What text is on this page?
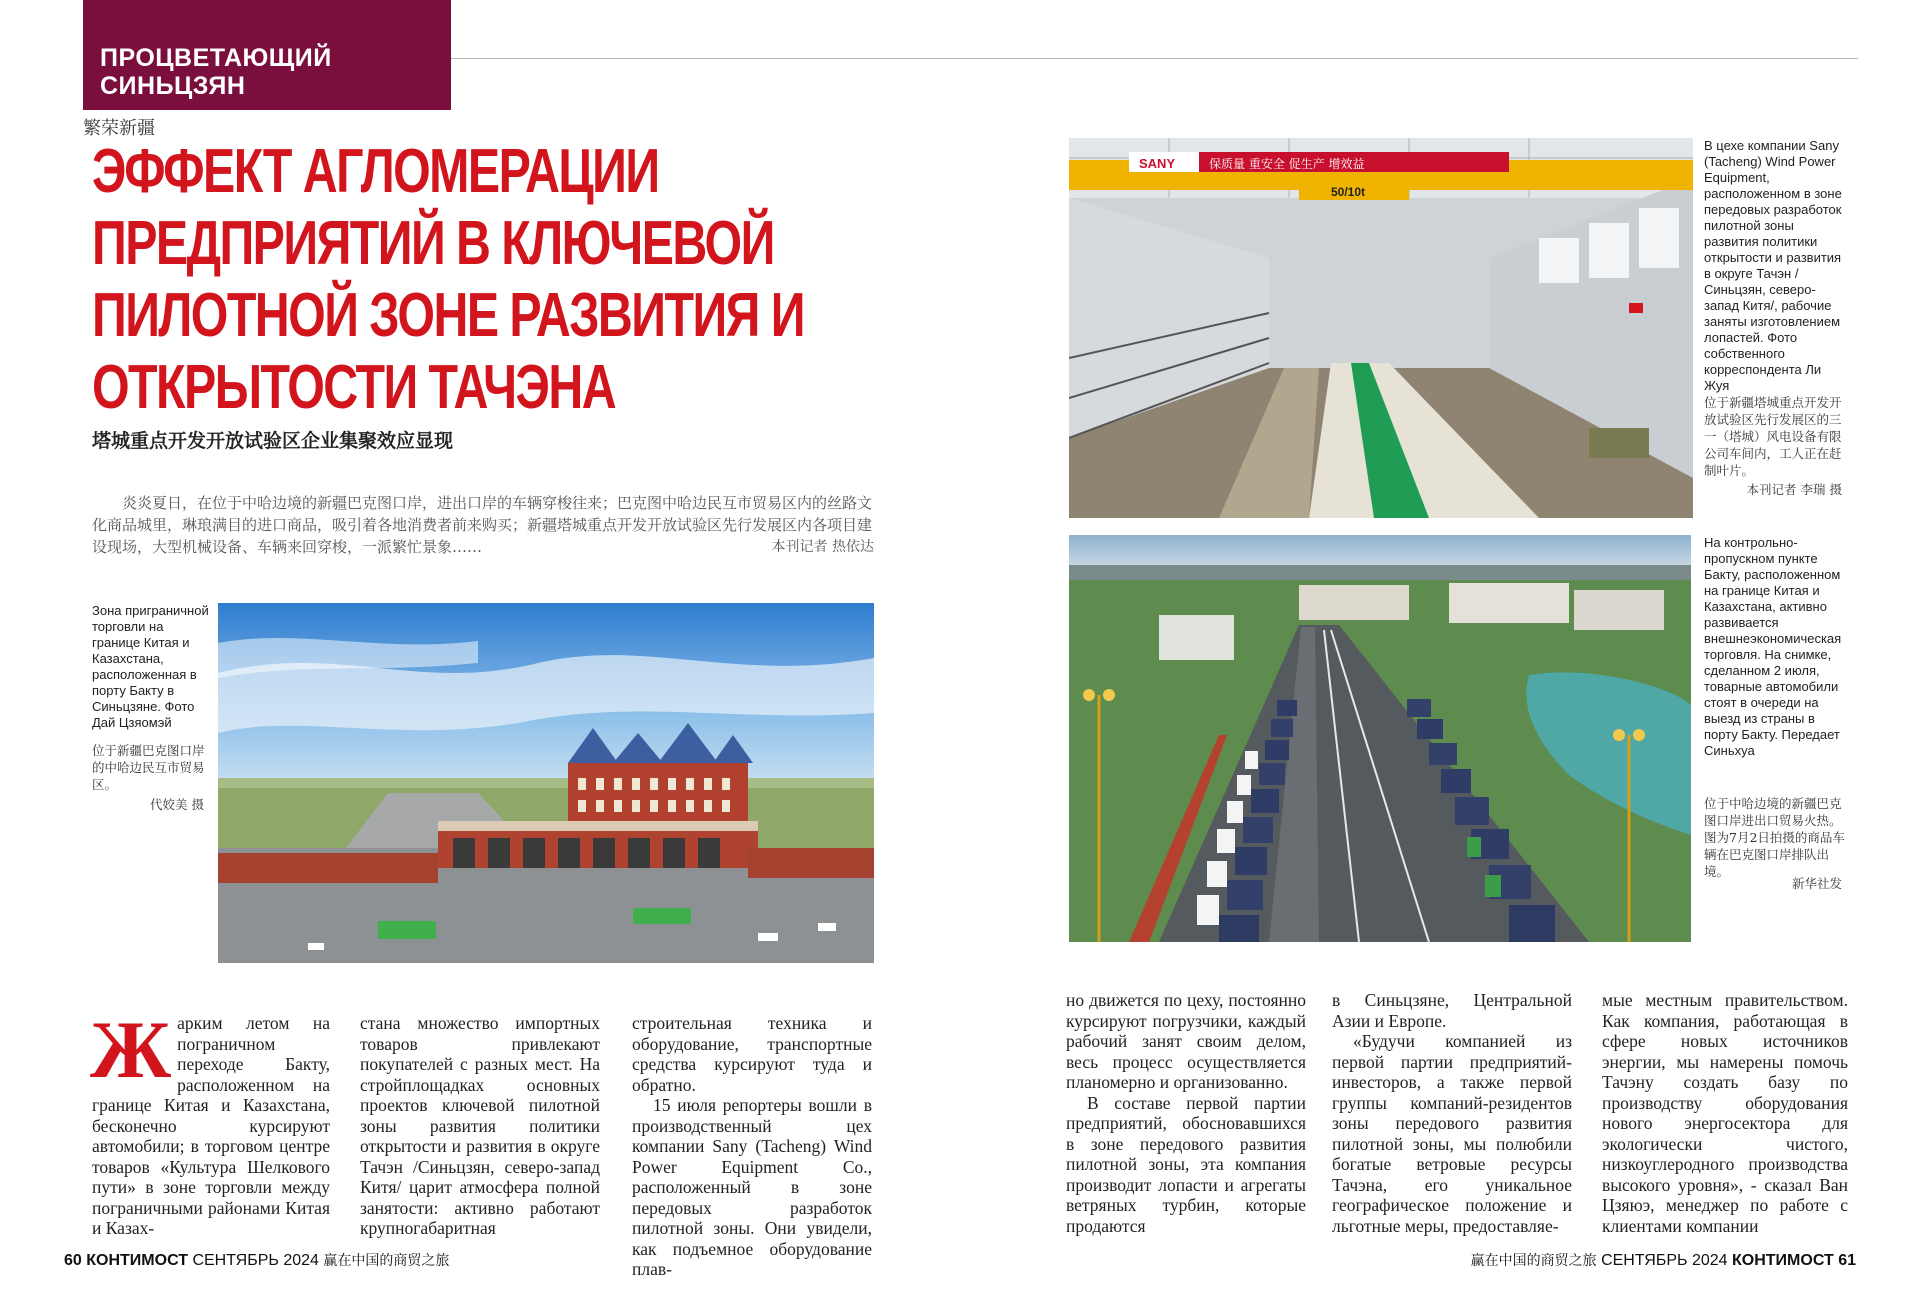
ПРОЦВЕТАЮЩИЙ
СИНЬЦЗЯН
繁荣新疆
ЭФФЕКТ АГЛОМЕРАЦИИ
ПРЕДПРИЯТИЙ В КЛЮЧЕВОЙ
ПИЛОТНОЙ ЗОНЕ РАЗВИТИЯ И
ОТКРЫТОСТИ ТАЧЭНА
塔城重点开发开放试验区企业集聚效应显现
炎炎夏日，在位于中哈边境的新疆巴克图口岸，进出口岸的车辆穿梭往来；巴克图中哈边民互市贸易区内的丝路文化商品城里，琳琅满目的进口商品，吸引着各地消费者前来购买；新疆塔城重点开发开放试验区先行发展区内各项目建设现场，大型机械设备、车辆来回穿梭，一派繁忙景象……	本刊记者 热依达
SANY	保质量 重安全 促生产 增效益
50/10t
Зона приграничной торговли на границе Китая и Казахстана, расположенная в порту Бакту в Синьцзяне. Фото Дай Цзяомэй
位于新疆巴克图口岸的中哈边民互市贸易区。
代姣美 摄
В цехе компании Sany (Tacheng) Wind Power Equipment, расположенном в зоне передовых разработок пилотной зоны развития политики открытости и развития в округе Тачэн /Синьцзян, северо-запад Китя/, рабочие заняты изготовлением лопастей. Фото собственного корреспондента Ли Жуя
位于新疆塔城重点开发开放试验区先行发展区的三一（塔城）风电设备有限公司车间内，工人正在赶制叶片。
本刊记者 李瑞 摄
На контрольно-пропускном пункте Бакту, расположенном на границе Китая и Казахстана, активно развивается внешнеэкономическая торговля. На снимке, сделанном 2 июля, товарные автомобили стоят в очереди на выезд из страны в порту Бакту. Передает Синьхуа
位于中哈边境的新疆巴克图口岸进出口贸易火热。图为7月2日拍摄的商品车辆在巴克图口岸排队出境。
新华社发
Жарким летом на пограничном переходе Бакту, расположенном на границе Китая и Казахстана, бесконечно курсируют автомобили; в торговом центре товаров «Культура Шелкового пути» в зоне торговли между пограничными районами Китая и Казах-

стана множество импортных товаров привлекают покупателей с разных мест. На стройплощадках основных проектов ключевой пилотной зоны развития политики открытости и развития в округе Тачэн /Синьцзян, северо-запад Китя/ царит атмосфера полной занятости: активно работают крупногабаритная

строительная техника и оборудование, транспортные средства курсируют туда и обратно.

15 июля репортеры вошли в производственный цех компании Sany (Tacheng) Wind Power Equipment Co., расположенный в зоне передовых разработок пилотной зоны. Они увидели, как подъемное оборудование плав-

но движется по цеху, постоянно курсируют погрузчики, каждый рабочий занят своим делом, весь процесс осуществляется планомерно и организованно.

В составе первой партии предприятий, обосновавшихся в зоне передового развития пилотной зоны, эта компания производит лопасти и агрегаты ветряных турбин, которые продаются

в Синьцзяне, Центральной Азии и Европе.

«Будучи компанией из первой партии предприятий-инвесторов, а также первой группы компаний-резидентов зоны передового развития пилотной зоны, мы полюбили богатые ветровые ресурсы Тачэна, его уникальное географическое положение и льготные меры, предоставляе-

мые местным правительством. Как компания, работающая в сфере новых источников энергии, мы намерены помочь Тачэну создать базу по производству оборудования нового энергосектора для экологически чистого, низкоуглеродного производства высокого уровня», - сказал Ван Цзяюэ, менеджер по работе с клиентами компании

60 КОНТИМОСТ СЕНТЯБРЬ 2024 赢在中国的商贸之旅	赢在中国的商贸之旅 СЕНТЯБРЬ 2024 КОНТИМОСТ 61
